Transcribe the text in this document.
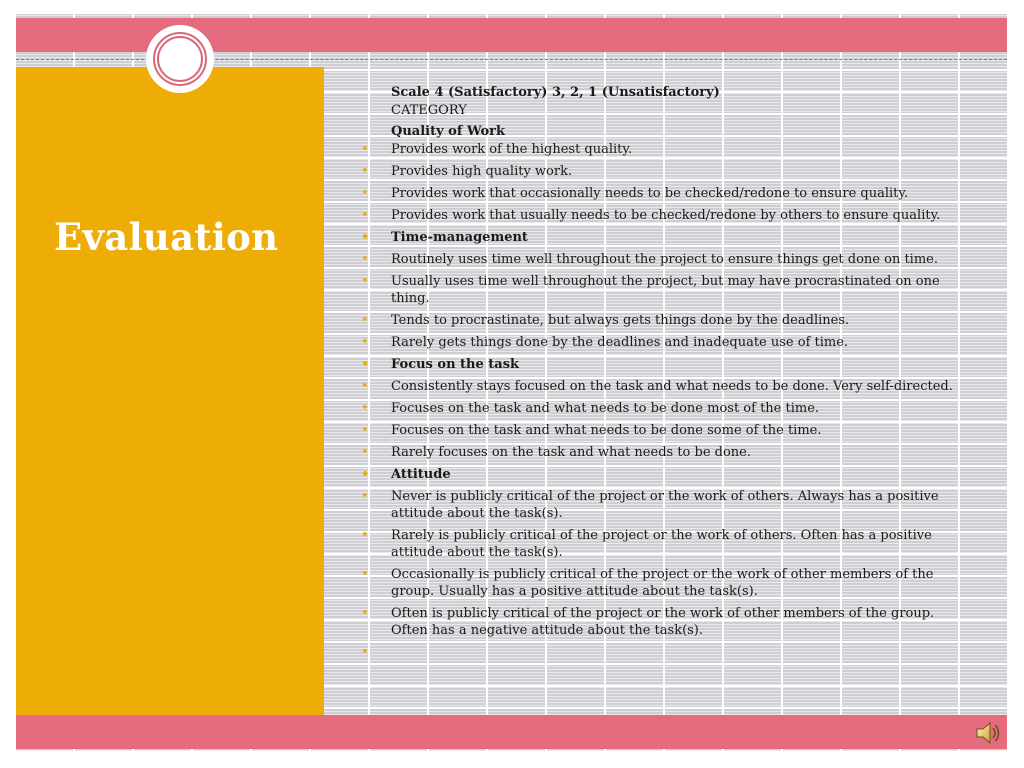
Evaluation
Scale 4 (Satisfactory) 3, 2, 1 (Unsatisfactory)
CATEGORY
Quality of Work
• Provides work of the highest quality.
• Provides high quality work.
• Provides work that occasionally needs to be checked/redone to ensure quality.
• Provides work that usually needs to be checked/redone by others to ensure quality.
• Time-management
• Routinely uses time well throughout the project to ensure things get done on time.
• Usually uses time well throughout the project, but may have procrastinated on one thing.
• Tends to procrastinate, but always gets things done by the deadlines.
• Rarely gets things done by the deadlines and inadequate use of time.
• Focus on the task
• Consistently stays focused on the task and what needs to be done. Very self-directed.
• Focuses on the task and what needs to be done most of the time.
• Focuses on the task and what needs to be done some of the time.
• Rarely focuses on the task and what needs to be done.
• Attitude
• Never is publicly critical of the project or the work of others. Always has a positive attitude about the task(s).
• Rarely is publicly critical of the project or the work of others. Often has a positive attitude about the task(s).
• Occasionally is publicly critical of the project or the work of other members of the group. Usually has a positive attitude about the task(s).
• Often is publicly critical of the project or the work of other members of the group. Often has a negative attitude about the task(s).
•
